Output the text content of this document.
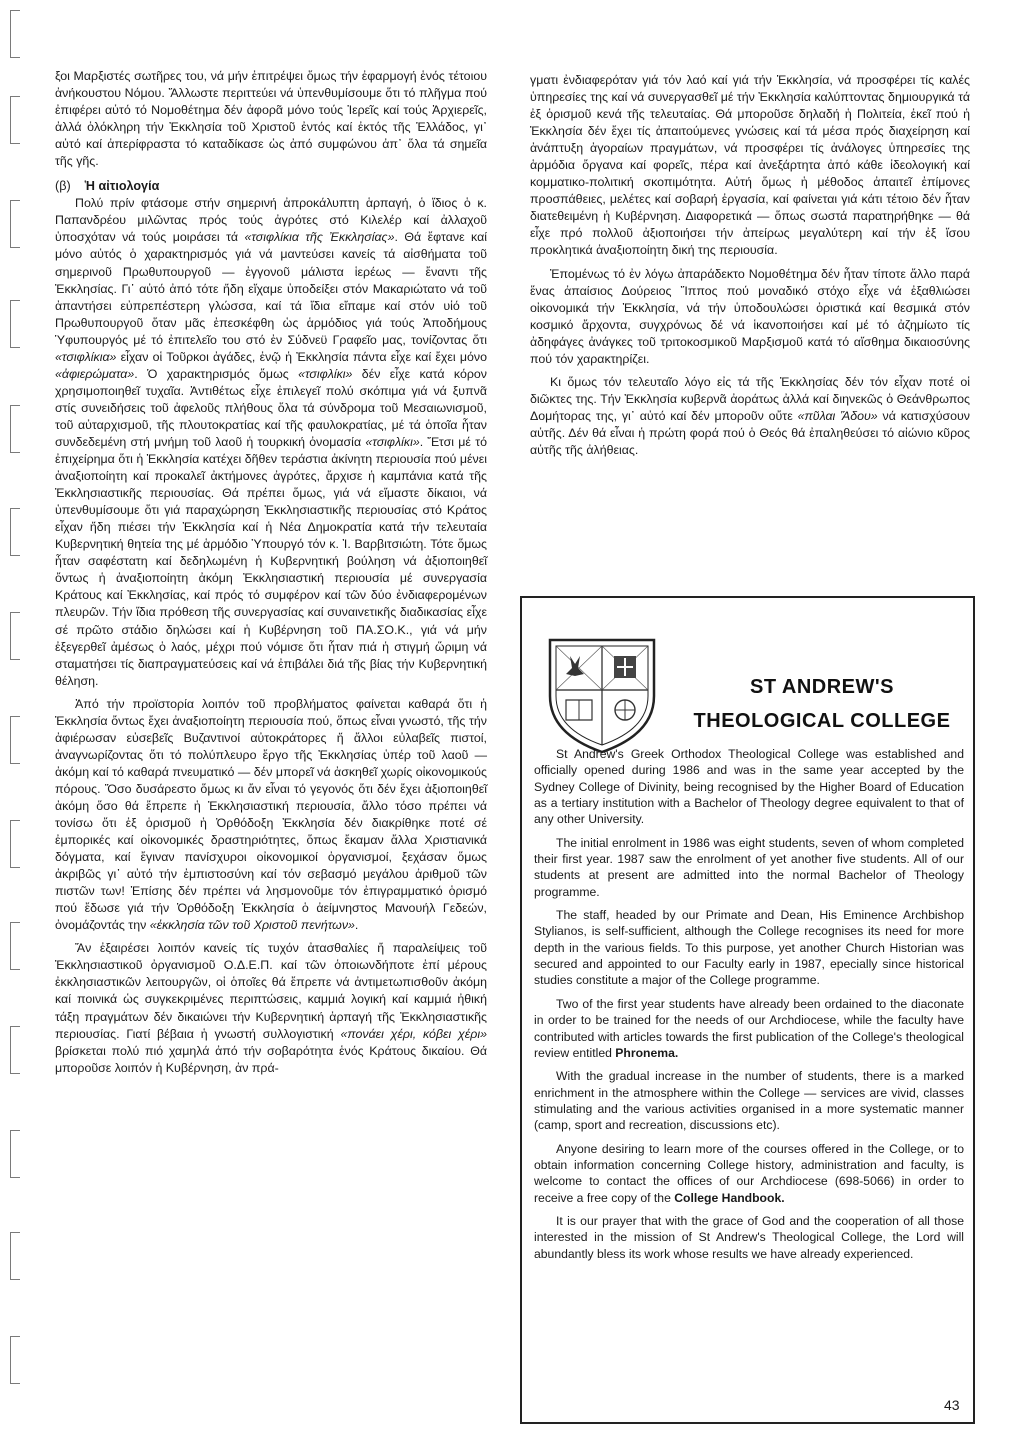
ξοι Μαρξιστές σωτῆρες του, νά μήν ἐπιτρέψει ὅμως τήν ἐφαρμογή ἑνός τέτοιου ἀνήκουστου Νόμου. Ἄλλωστε περιττεύει νά ὑπενθυμίσουμε ὅτι τό πλῆγμα πού ἐπιφέρει αὐτό τό Νομοθέτημα δέν ἀφορᾶ μόνο τούς Ἱερεῖς καί τούς Ἀρχιερεῖς, ἀλλά ὁλόκληρη τήν Ἐκκλησία τοῦ Χριστοῦ ἐντός καί ἐκτός τῆς Ἑλλάδος, γι᾿ αὐτό καί ἀπερίφραστα τό καταδίκασε ὡς ἀπό συμφώνου ἀπ᾿ ὅλα τά σημεῖα τῆς γῆς.

(β) Ἡ αἰτιολογία

Πολύ πρίν φτάσομε στήν σημερινή ἀπροκάλυπτη ἁρπαγή, ὁ ἴδιος ὁ κ. Παπανδρέου μιλῶντας πρός τούς ἀγρότες στό Κιλελέρ καί ἀλλαχοῦ ὑποσχόταν νά τούς μοιράσει τά «τσιφλίκια τῆς Ἐκκλησίας». Θά ἔφτανε καί μόνο αὐτός ὁ χαρακτηρισμός γιά νά μαντεύσει κανείς τά αἰσθήματα τοῦ σημερινοῦ Πρωθυπουργοῦ — ἐγγονοῦ μάλιστα ἱερέως — ἔναντι τῆς Ἐκκλησίας. Γι᾿ αὐτό ἀπό τότε ἤδη εἴχαμε ὑποδείξει στόν Μακαριώτατο νά τοῦ ἀπαντήσει εὐπρεπέστερη γλώσσα, καί τά ἴδια εἴπαμε καί στόν υἱό τοῦ Πρωθυπουργοῦ ὅταν μᾶς ἐπεσκέφθη ὡς ἁρμόδιος γιά τούς Ἀποδήμους Ὑφυπουργός μέ τό ἐπιτελεῖο του στό ἐν Σύδνεϋ Γραφεῖο μας, τονίζοντας ὅτι «τσιφλίκια» εἶχαν οἱ Τοῦρκοι ἀγάδες, ἐνῷ ἡ Ἐκκλησία πάντα εἶχε καί ἔχει μόνο «ἀφιερώματα». Ὁ χαρακτηρισμός ὅμως «τσιφλίκι» δέν εἶχε κατά κόρον χρησιμοποιηθεῖ τυχαῖα. Ἀντιθέτως εἶχε ἐπιλεγεῖ πολύ σκόπιμα γιά νά ξυπνᾶ στίς συνειδήσεις τοῦ ἀφελοῦς πλήθους ὅλα τά σύνδρομα τοῦ Μεσαιωνισμοῦ, τοῦ αὐταρχισμοῦ, τῆς πλουτοκρατίας καί τῆς φαυλοκρατίας, μέ τά ὁποῖα ἦταν συνδεδεμένη στή μνήμη τοῦ λαοῦ ἡ τουρκική ὀνομασία «τσιφλίκι». Ἔτσι μέ τό ἐπιχείρημα ὅτι ἡ Ἐκκλησία κατέχει δῆθεν τεράστια ἀκίνητη περιουσία πού μένει ἀναξιοποίητη καί προκαλεῖ ἀκτήμονες ἀγρότες, ἄρχισε ἡ καμπάνια κατά τῆς Ἐκκλησιαστικῆς περιουσίας. Θά πρέπει ὅμως, γιά νά εἴμαστε δίκαιοι, νά ὑπενθυμίσουμε ὅτι γιά παραχώρηση Ἐκκλησιαστικῆς περιουσίας στό Κράτος εἶχαν ἤδη πιέσει τήν Ἐκκλησία καί ἡ Νέα Δημοκρατία κατά τήν τελευταία Κυβερνητική θητεία της μέ ἁρμόδιο Ὑπουργό τόν κ. Ἰ. Βαρβιτσιώτη. Τότε ὅμως ἦταν σαφέστατη καί δεδηλωμένη ἡ Κυβερνητική βούληση νά ἀξιοποιηθεῖ ὄντως ἡ ἀναξιοποίητη ἀκόμη Ἐκκλησιαστική περιουσία μέ συνεργασία Κράτους καί Ἐκκλησίας, καί πρός τό συμφέρον καί τῶν δύο ἐνδιαφερομένων πλευρῶν. Τήν ἴδια πρόθεση τῆς συνεργασίας καί συναιvετικῆς διαδικασίας εἶχε σέ πρῶτο στάδιο δηλώσει καί ἡ Κυβέρνηση τοῦ ΠΑ.ΣΟ.Κ., γιά νά μήν ἐξεγερθεῖ ἀμέσως ὁ λαός, μέχρι πού νόμισε ὅτι ἦταν πιά ἡ στιγμή ὥριμη νά σταματήσει τίς διαπραγματεύσεις καί νά ἐπιβάλει διά τῆς βίας τήν Κυβερνητική θέληση.

Ἀπό τήν προϊστορία λοιπόν τοῦ προβλήματος φαίνεται καθαρά ὅτι ἡ Ἐκκλησία ὄντως ἔχει ἀναξιοποίητη περιουσία πού, ὅπως εἶναι γνωστό, τῆς τήν ἀφιέρωσαν εὐσεβεῖς Βυζαντινοί αὐτοκράτορες ἤ ἄλλοι εὐλαβεῖς πιστοί, ἀναγνωρίζοντας ὅτι τό πολύπλευρο ἔργο τῆς Ἐκκλησίας ὑπέρ τοῦ λαοῦ — ἀκόμη καί τό καθαρά πνευματικό — δέν μπορεῖ νά ἀσκηθεῖ χωρίς οἰκονομικούς πόρους. Ὅσο δυσάρεστο ὅμως κι ἄν εἶναι τό γεγονός ὅτι δέν ἔχει ἀξιοποιηθεῖ ἀκόμη ὅσο θά ἔπρεπε ἡ Ἐκκλησιαστική περιουσία, ἄλλο τόσο πρέπει νά τονίσω ὅτι ἐξ ὁρισμοῦ ἡ Ὀρθόδοξη Ἐκκλησία δέν διακρίθηκε ποτέ σέ ἐμπορικές καί οἰκονομικές δραστηριότητες, ὅπως ἔκαμαν ἄλλα Χριστιανικά δόγματα, καί ἔγιναν πανίσχυροι οἰκονομικοί ὀργανισμοί, ξεχάσαν ὅμως ἀκριβῶς γι᾿ αὐτό τήν ἐμπιστοσύνη καί τόν σεβασμό μεγάλου ἀριθμοῦ τῶν πιστῶν των! Ἐπίσης δέν πρέπει νά λησμονοῦμε τόν ἐπιγραμματικό ὁρισμό πού ἔδωσε γιά τήν Ὀρθόδοξη Ἐκκλησία ὁ ἀείμνηστος Μανουήλ Γεδεών, ὀνομάζοντάς την «ἐκκλησία τῶν τοῦ Χριστοῦ πενήτων».

Ἄν ἐξαιρέσει λοιπόν κανείς τίς τυχόν ἀτασθαλίες ἤ παραλείψεις τοῦ Ἐκκλησιαστικοῦ ὀργανισμοῦ Ο.Δ.Ε.Π. καί τῶν ὁποιωνδήποτε ἐπί μέρους ἐκκλησιαστικῶν λειτουργῶν, οἱ ὁποῖες θά ἔπρεπε νά ἀντιμετωπισθοῦν ἀκόμη καί ποινικά ὡς συγκεκριμένες περιπτώσεις, καμμιά λογική καί καμμιά ἠθική τάξη πραγμάτων δέν δικαιώνει τήν Κυβερνητική ἁρπαγή τῆς Ἐκκλησιαστικῆς περιουσίας. Γιατί βέβαια ἡ γνωστή συλλογιστική «πονάει χέρι, κόβει χέρι» βρίσκεται πολύ πιό χαμηλά ἀπό τήν σοβαρότητα ἑνός Κράτους δικαίου. Θά μποροῦσε λοιπόν ἡ Κυβέρνηση, ἀν πρά-

γματι ἐνδιαφερόταν γιά τόν λαό καί γιά τήν Ἐκκλησία, νά προσφέρει τίς καλές ὑπηρεσίες της καί νά συνεργασθεῖ μέ τήν Ἐκκλησία καλύπτοντας δημιουργικά τά ἐξ ὁρισμοῦ κενά τῆς τελευταίας. Θά μποροῦσε δηλαδή ἡ Πολιτεία, ἐκεῖ πού ἡ Ἐκκλησία δέν ἔχει τίς ἀπαιτούμενες γνώσεις καί τά μέσα πρός διαχείρηση καί ἀνάπτυξη ἀγοραίων πραγμάτων, νά προσφέρει τίς ἀνάλογες ὑπηρεσίες της ἁρμόδια ὄργανα καί φορεῖς, πέρα καί ἀνεξάρτητα ἀπό κάθε ἰδεολογική καί κομματικο-πολιτική σκοπιμότητα. Αὐτή ὅμως ἡ μέθοδος ἀπαιτεῖ ἐπίμονες προσπάθειες, μελέτες καί σοβαρή ἐργασία, καί φαίνεται γιά κάτι τέτοιο δέν ἦταν διατεθειμένη ἡ Κυβέρνηση. Διαφορετικά — ὅπως σωστά παρατηρήθηκε — θά εἶχε πρό πολλοῦ ἀξιοποιήσει τήν ἀπείρως μεγαλύτερη καί τήν ἐξ ἴσου προκλητικά ἀναξιοποίητη δική της περιουσία.

Ἐπομένως τό ἐν λόγω ἀπαράδεκτο Νομοθέτημα δέν ἦταν τίποτε ἄλλο παρά ἕνας ἀπαίσιος Δούρειος Ἵππος πού μοναδικό στόχο εἶχε νά ἐξαθλιώσει οἰκονομικά τήν Ἐκκλησία, νά τήν ὑποδουλώσει ὁριστικά καί θεσμικά στόν κοσμικό ἄρχοντα, συγχρόνως δέ νά ἱκανοποιήσει καί μέ τό ἀζημίωτο τίς ἀδηφάγες ἀνάγκες τοῦ τριτοκοσμικοῦ Μαρξισμοῦ κατά τό αἴσθημα δικαιοσύνης πού τόν χαρακτηρίζει.

Κι ὅμως τόν τελευταῖο λόγο εἰς τά τῆς Ἐκκλησίας δέν τόν εἶχαν ποτέ οἱ διῶκτες της. Τήν Ἐκκλησία κυβερνᾶ ἀοράτως ἀλλά καί διηνεκῶς ὁ Θεάνθρωπος Δομήτορας της, γι᾿ αὐτό καί δέν μποροῦν οὔτε «πῦλαι Ἅδου» νά κατισχύσουν αὐτῆς. Δέν θά εἶναι ἡ πρώτη φορά πού ὁ Θεός θά ἐπαληθεύσει τό αἰώνιο κῦρος αὐτῆς τῆς ἀλήθειας.

ST ANDREW'S
THEOLOGICAL COLLEGE

St Andrew's Greek Orthodox Theological College was established and officially opened during 1986 and was in the same year accepted by the Sydney College of Divinity, being recognised by the Higher Board of Education as a tertiary institution with a Bachelor of Theology degree equivalent to that of any other University.

The initial enrolment in 1986 was eight students, seven of whom completed their first year. 1987 saw the enrolment of yet another five students. All of our students at present are admitted into the normal Bachelor of Theology programme.

The staff, headed by our Primate and Dean, His Eminence Archbishop Stylianos, is self-sufficient, although the College recognises its need for more depth in the various fields. To this purpose, yet another Church Historian was secured and appointed to our Faculty early in 1987, epecially since historical studies constitute a major of the College programme.

Two of the first year students have already been ordained to the diaconate in order to be trained for the needs of our Archdiocese, while the faculty have contributed with articles towards the first publication of the College's theological review entitled Phronema.

With the gradual increase in the number of students, there is a marked enrichment in the atmosphere within the College — services are vivid, classes stimulating and the various activities organised in a more systematic manner (camp, sport and recreation, discussions etc).

Anyone desiring to learn more of the courses offered in the College, or to obtain information concerning College history, administration and faculty, is welcome to contact the offices of our Archdiocese (698-5066) in order to receive a free copy of the College Handbook.

It is our prayer that with the grace of God and the cooperation of all those interested in the mission of St Andrew's Theological College, the Lord will abundantly bless its work whose results we have already experienced.

43
